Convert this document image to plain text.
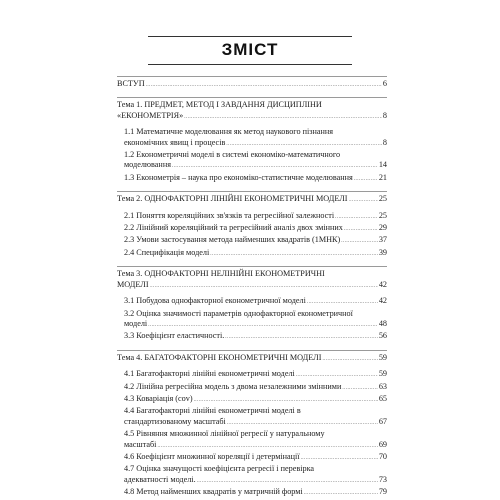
ЗМІСТ
ВСТУП . . .	6
Тема 1. ПРЕДМЕТ, МЕТОД І ЗАВДАННЯ ДИСЦИПЛІНИ
«ЕКОНОМЕТРІЯ» . . .	8
1.1 Математичне моделювання як метод наукового пізнання
економічних явищ і процесів . . .	8
1.2 Економетричні моделі в системі економіко-математичного
моделювання . . .	14
1.3 Економетрія – наука про економіко-статистичне моделювання . . .	21
Тема 2. ОДНОФАКТОРНІ ЛІНІЙНІ ЕКОНОМЕТРИЧНІ МОДЕЛІ . . .	25
2.1 Поняття кореляційних зв'язків та регресійної залежності . . .	25
2.2 Лінійний кореляційний та регресійний аналіз двох змінних . . .	29
2.3 Умови застосування метода найменших квадратів (1МНК) . . .	37
2.4 Специфікація моделі . . .	39
Тема 3. ОДНОФАКТОРНІ НЕЛІНІЙНІ ЕКОНОМЕТРИЧНІ
МОДЕЛІ . . .	42
3.1 Побудова однофакторної економетричної моделі . . .	42
3.2 Оцінка значимості параметрів однофакторної економетричної
моделі . . .	48
3.3 Коефіцієнт еластичності. . . .	56
Тема 4. БАГАТОФАКТОРНІ ЕКОНОМЕТРИЧНІ МОДЕЛІ . . .	59
4.1 Багатофакторні лінійні економетричні моделі . . .	59
4.2 Лінійна регресійна модель з двома незалежними змінними . . .	63
4.3 Коваріація (cov) . . .	65
4.4 Багатофакторні лінійні економетричні моделі в
стандартизованому масштабі . . .	67
4.5 Рівняння множинної лінійної регресії у натуральному
масштабі . . .	69
4.6 Коефіцієнт множинної кореляції і детермінації . . .	70
4.7 Оцінка значущості коефіцієнта регресії і перевірка
адекватності моделі. . . .	73
4.8 Метод найменших квадратів у матричній формі . . .	79
